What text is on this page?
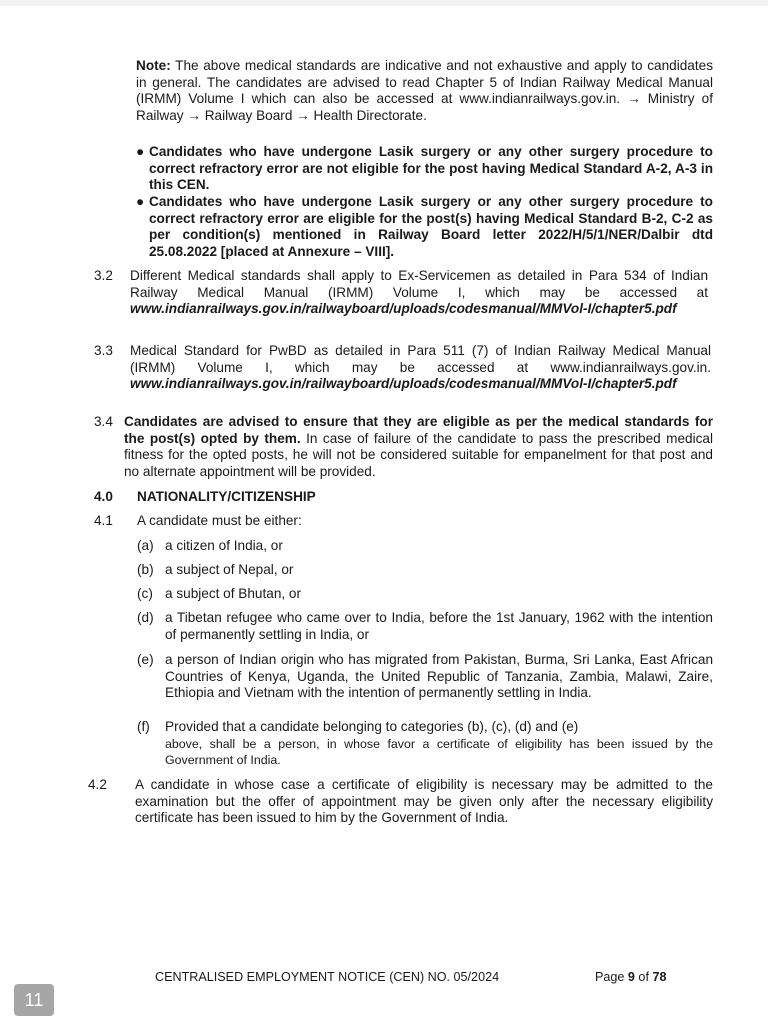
Note: The above medical standards are indicative and not exhaustive and apply to candidates in general. The candidates are advised to read Chapter 5 of Indian Railway Medical Manual (IRMM) Volume I which can also be accessed at www.indianrailways.gov.in. → Ministry of Railway → Railway Board → Health Directorate.

● Candidates who have undergone Lasik surgery or any other surgery procedure to correct refractory error are not eligible for the post having Medical Standard A-2, A-3 in this CEN.

● Candidates who have undergone Lasik surgery or any other surgery procedure to correct refractory error are eligible for the post(s) having Medical Standard B-2, C-2 as per condition(s) mentioned in Railway Board letter 2022/H/5/1/NER/Dalbir dtd 25.08.2022 [placed at Annexure – VIII].

3.2 Different Medical standards shall apply to Ex-Servicemen as detailed in Para 534 of Indian Railway Medical Manual (IRMM) Volume I, which may be accessed at www.indianrailways.gov.in/railwayboard/uploads/codesmanual/MMVol-I/chapter5.pdf

3.3 Medical Standard for PwBD as detailed in Para 511 (7) of Indian Railway Medical Manual (IRMM) Volume I, which may be accessed at www.indianrailways.gov.in. www.indianrailways.gov.in/railwayboard/uploads/codesmanual/MMVol-I/chapter5.pdf

3.4 Candidates are advised to ensure that they are eligible as per the medical standards for the post(s) opted by them. In case of failure of the candidate to pass the prescribed medical fitness for the opted posts, he will not be considered suitable for empanelment for that post and no alternate appointment will be provided.

4.0 NATIONALITY/CITIZENSHIP
4.1 A candidate must be either:
(a) a citizen of India, or
(b) a subject of Nepal, or
(c) a subject of Bhutan, or
(d) a Tibetan refugee who came over to India, before the 1st January, 1962 with the intention of permanently settling in India, or
(e) a person of Indian origin who has migrated from Pakistan, Burma, Sri Lanka, East African Countries of Kenya, Uganda, the United Republic of Tanzania, Zambia, Malawi, Zaire, Ethiopia and Vietnam with the intention of permanently settling in India.
(f) Provided that a candidate belonging to categories (b), (c), (d) and (e)
above, shall be a person, in whose favor a certificate of eligibility has been issued by the Government of India.
4.2 A candidate in whose case a certificate of eligibility is necessary may be admitted to the examination but the offer of appointment may be given only after the necessary eligibility certificate has been issued to him by the Government of India.

CENTRALISED EMPLOYMENT NOTICE (CEN) NO. 05/2024	Page 9 of 78
11
